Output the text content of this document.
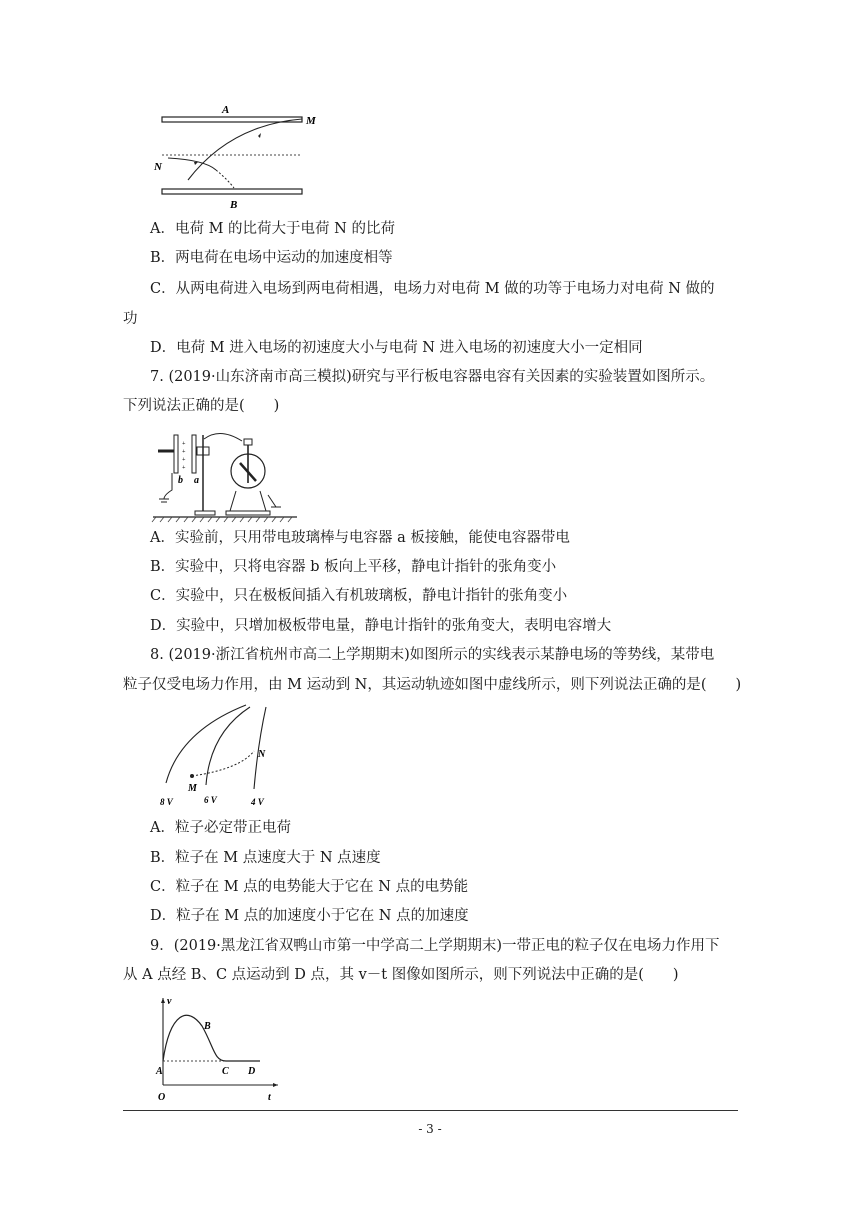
A
B
M
N
A．电荷 M 的比荷大于电荷 N 的比荷
B．两电荷在电场中运动的加速度相等
C．从两电荷进入电场到两电荷相遇，电场力对电荷 M 做的功等于电场力对电荷 N 做的
功
D．电荷 M 进入电场的初速度大小与电荷 N 进入电场的初速度大小一定相同
7. (2019·山东济南市高三模拟)研究与平行板电容器电容有关因素的实验装置如图所示。
下列说法正确的是(　　)
+
+
+
+
b a
A．实验前，只用带电玻璃棒与电容器 a 板接触，能使电容器带电
B．实验中，只将电容器 b 板向上平移，静电计指针的张角变小
C．实验中，只在极板间插入有机玻璃板，静电计指针的张角变小
D．实验中，只增加极板带电量，静电计指针的张角变大，表明电容增大
8. (2019·浙江省杭州市高二上学期期末)如图所示的实线表示某静电场的等势线，某带电
粒子仅受电场力作用，由 M 运动到 N，其运动轨迹如图中虚线所示，则下列说法正确的是(　　)
M
N
8 V	6 V	4 V
A．粒子必定带正电荷
B．粒子在 M 点速度大于 N 点速度
C．粒子在 M 点的电势能大于它在 N 点的电势能
D．粒子在 M 点的加速度小于它在 N 点的加速度
9．(2019·黑龙江省双鸭山市第一中学高二上学期期末)一带正电的粒子仅在电场力作用下
从 A 点经 B、C 点运动到 D 点，其 v－t 图像如图所示，则下列说法中正确的是(　　)
v
t
O
A
B
C D
- 3 -
